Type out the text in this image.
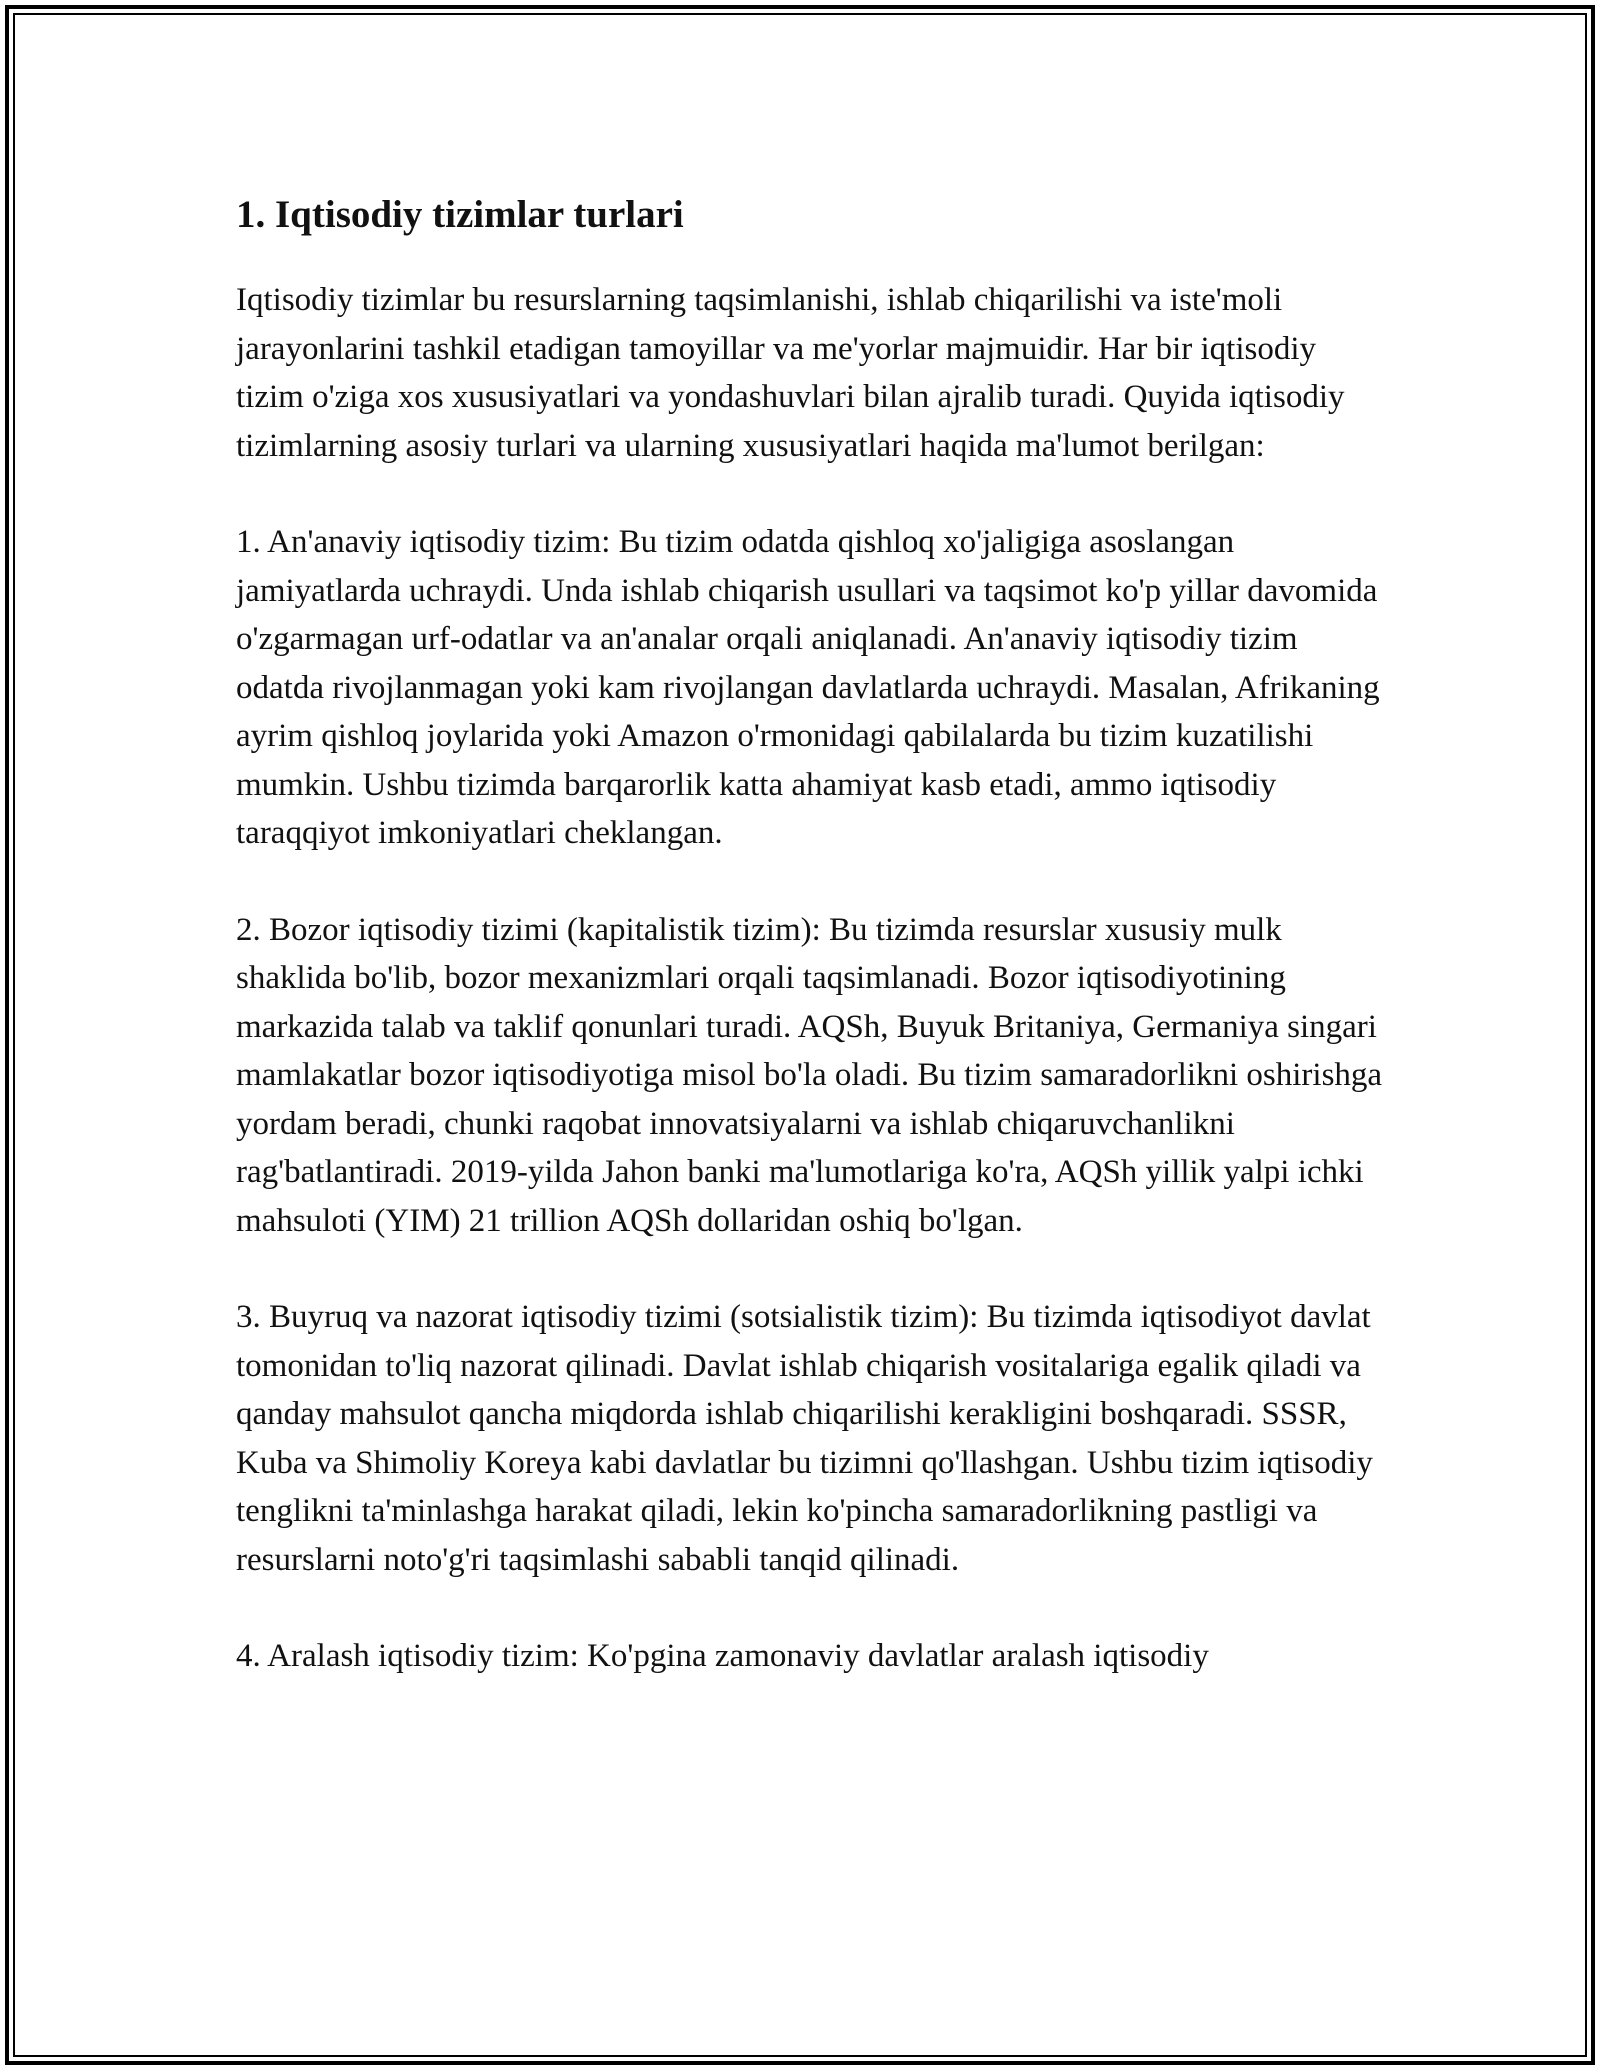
1. Iqtisodiy tizimlar turlari

Iqtisodiy tizimlar bu resurslarning taqsimlanishi, ishlab chiqarilishi va iste'moli jarayonlarini tashkil etadigan tamoyillar va me'yorlar majmuidir. Har bir iqtisodiy tizim o'ziga xos xususiyatlari va yondashuvlari bilan ajralib turadi. Quyida iqtisodiy tizimlarning asosiy turlari va ularning xususiyatlari haqida ma'lumot berilgan:

1. An'anaviy iqtisodiy tizim: Bu tizim odatda qishloq xo'jaligiga asoslangan jamiyatlarda uchraydi. Unda ishlab chiqarish usullari va taqsimot ko'p yillar davomida o'zgarmagan urf-odatlar va an'analar orqali aniqlanadi. An'anaviy iqtisodiy tizim odatda rivojlanmagan yoki kam rivojlangan davlatlarda uchraydi. Masalan, Afrikaning ayrim qishloq joylarida yoki Amazon o'rmonidagi qabilalarda bu tizim kuzatilishi mumkin. Ushbu tizimda barqarorlik katta ahamiyat kasb etadi, ammo iqtisodiy taraqqiyot imkoniyatlari cheklangan.

2. Bozor iqtisodiy tizimi (kapitalistik tizim): Bu tizimda resurslar xususiy mulk shaklida bo'lib, bozor mexanizmlari orqali taqsimlanadi. Bozor iqtisodiyotining markazida talab va taklif qonunlari turadi. AQSh, Buyuk Britaniya, Germaniya singari mamlakatlar bozor iqtisodiyotiga misol bo'la oladi. Bu tizim samaradorlikni oshirishga yordam beradi, chunki raqobat innovatsiyalarni va ishlab chiqaruvchanlikni rag'batlantiradi. 2019-yilda Jahon banki ma'lumotlariga ko'ra, AQSh yillik yalpi ichki mahsuloti (YIM) 21 trillion AQSh dollaridan oshiq bo'lgan.

3. Buyruq va nazorat iqtisodiy tizimi (sotsialistik tizim): Bu tizimda iqtisodiyot davlat tomonidan to'liq nazorat qilinadi. Davlat ishlab chiqarish vositalariga egalik qiladi va qanday mahsulot qancha miqdorda ishlab chiqarilishi kerakligini boshqaradi. SSSR, Kuba va Shimoliy Koreya kabi davlatlar bu tizimni qo'llashgan. Ushbu tizim iqtisodiy tenglikni ta'minlashga harakat qiladi, lekin ko'pincha samaradorlikning pastligi va resurslarni noto'g'ri taqsimlashi sababli tanqid qilinadi.

4. Aralash iqtisodiy tizim: Ko'pgina zamonaviy davlatlar aralash iqtisodiy
